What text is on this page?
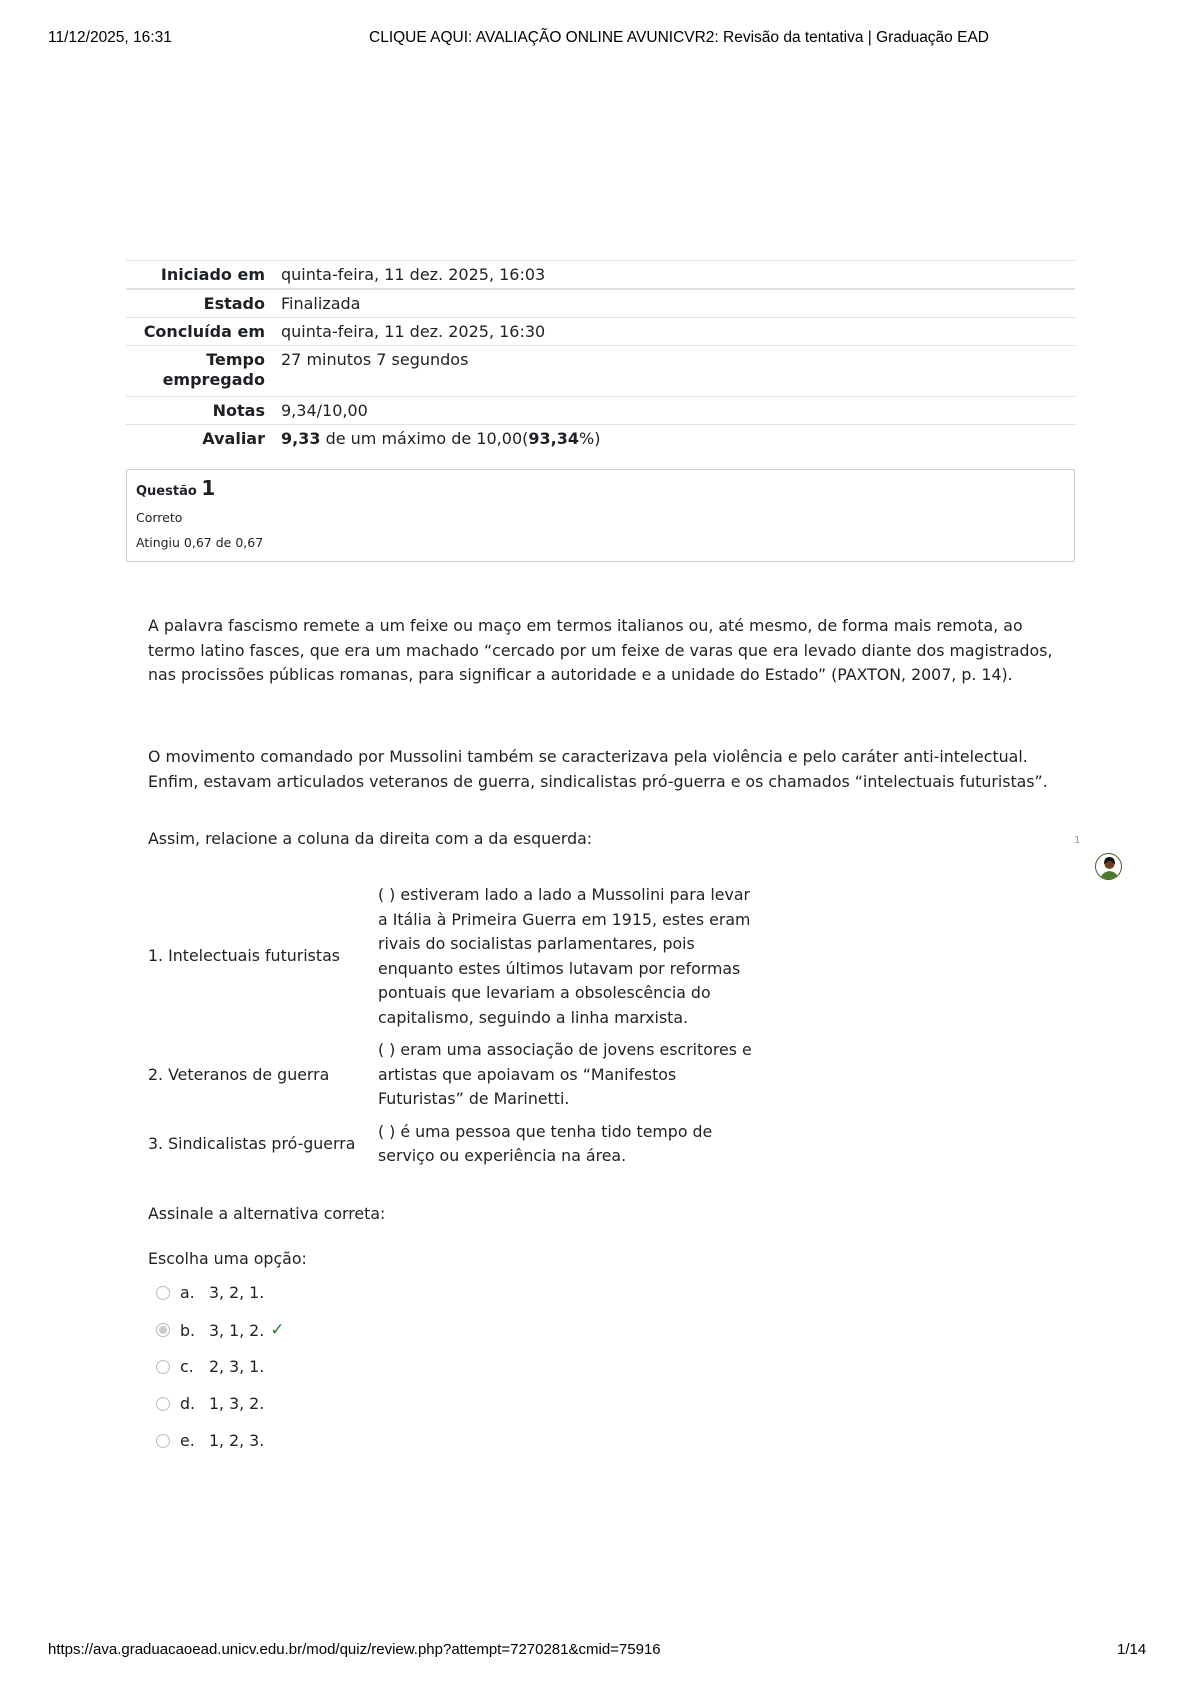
11/12/2025, 16:31	CLIQUE AQUI: AVALIAÇÃO ONLINE AVUNICVR2: Revisão da tentativa | Graduação EAD
Iniciado em	quinta-feira, 11 dez. 2025, 16:03
Estado	Finalizada
Concluída em	quinta-feira, 11 dez. 2025, 16:30
Tempo empregado	27 minutos 7 segundos
Notas	9,34/10,00
Avaliar	9,33 de um máximo de 10,00(93,34%)
Questão 1
Correto
Atingiu 0,67 de 0,67

A palavra fascismo remete a um feixe ou maço em termos italianos ou, até mesmo, de forma mais remota, ao termo latino fasces, que era um machado “cercado por um feixe de varas que era levado diante dos magistrados, nas procissões públicas romanas, para significar a autoridade e a unidade do Estado” (PAXTON, 2007, p. 14).

O movimento comandado por Mussolini também se caracterizava pela violência e pelo caráter anti-intelectual. Enfim, estavam articulados veteranos de guerra, sindicalistas pró-guerra e os chamados “intelectuais futuristas”.

Assim, relacione a coluna da direita com a da esquerda:

1. Intelectuais futuristas
( ) estiveram lado a lado a Mussolini para levar a Itália à Primeira Guerra em 1915, estes eram rivais do socialistas parlamentares, pois enquanto estes últimos lutavam por reformas pontuais que levariam a obsolescência do capitalismo, seguindo a linha marxista.
2. Veteranos de guerra
( ) eram uma associação de jovens escritores e artistas que apoiavam os “Manifestos Futuristas” de Marinetti.
3. Sindicalistas pró-guerra
( ) é uma pessoa que tenha tido tempo de serviço ou experiência na área.

Assinale a alternativa correta:

Escolha uma opção:

a. 3, 2, 1.
b. 3, 1, 2. ✓
c. 2, 3, 1.
d. 1, 3, 2.
e. 1, 2, 3.
1
https://ava.graduacaoead.unicv.edu.br/mod/quiz/review.php?attempt=7270281&cmid=75916	1/14
